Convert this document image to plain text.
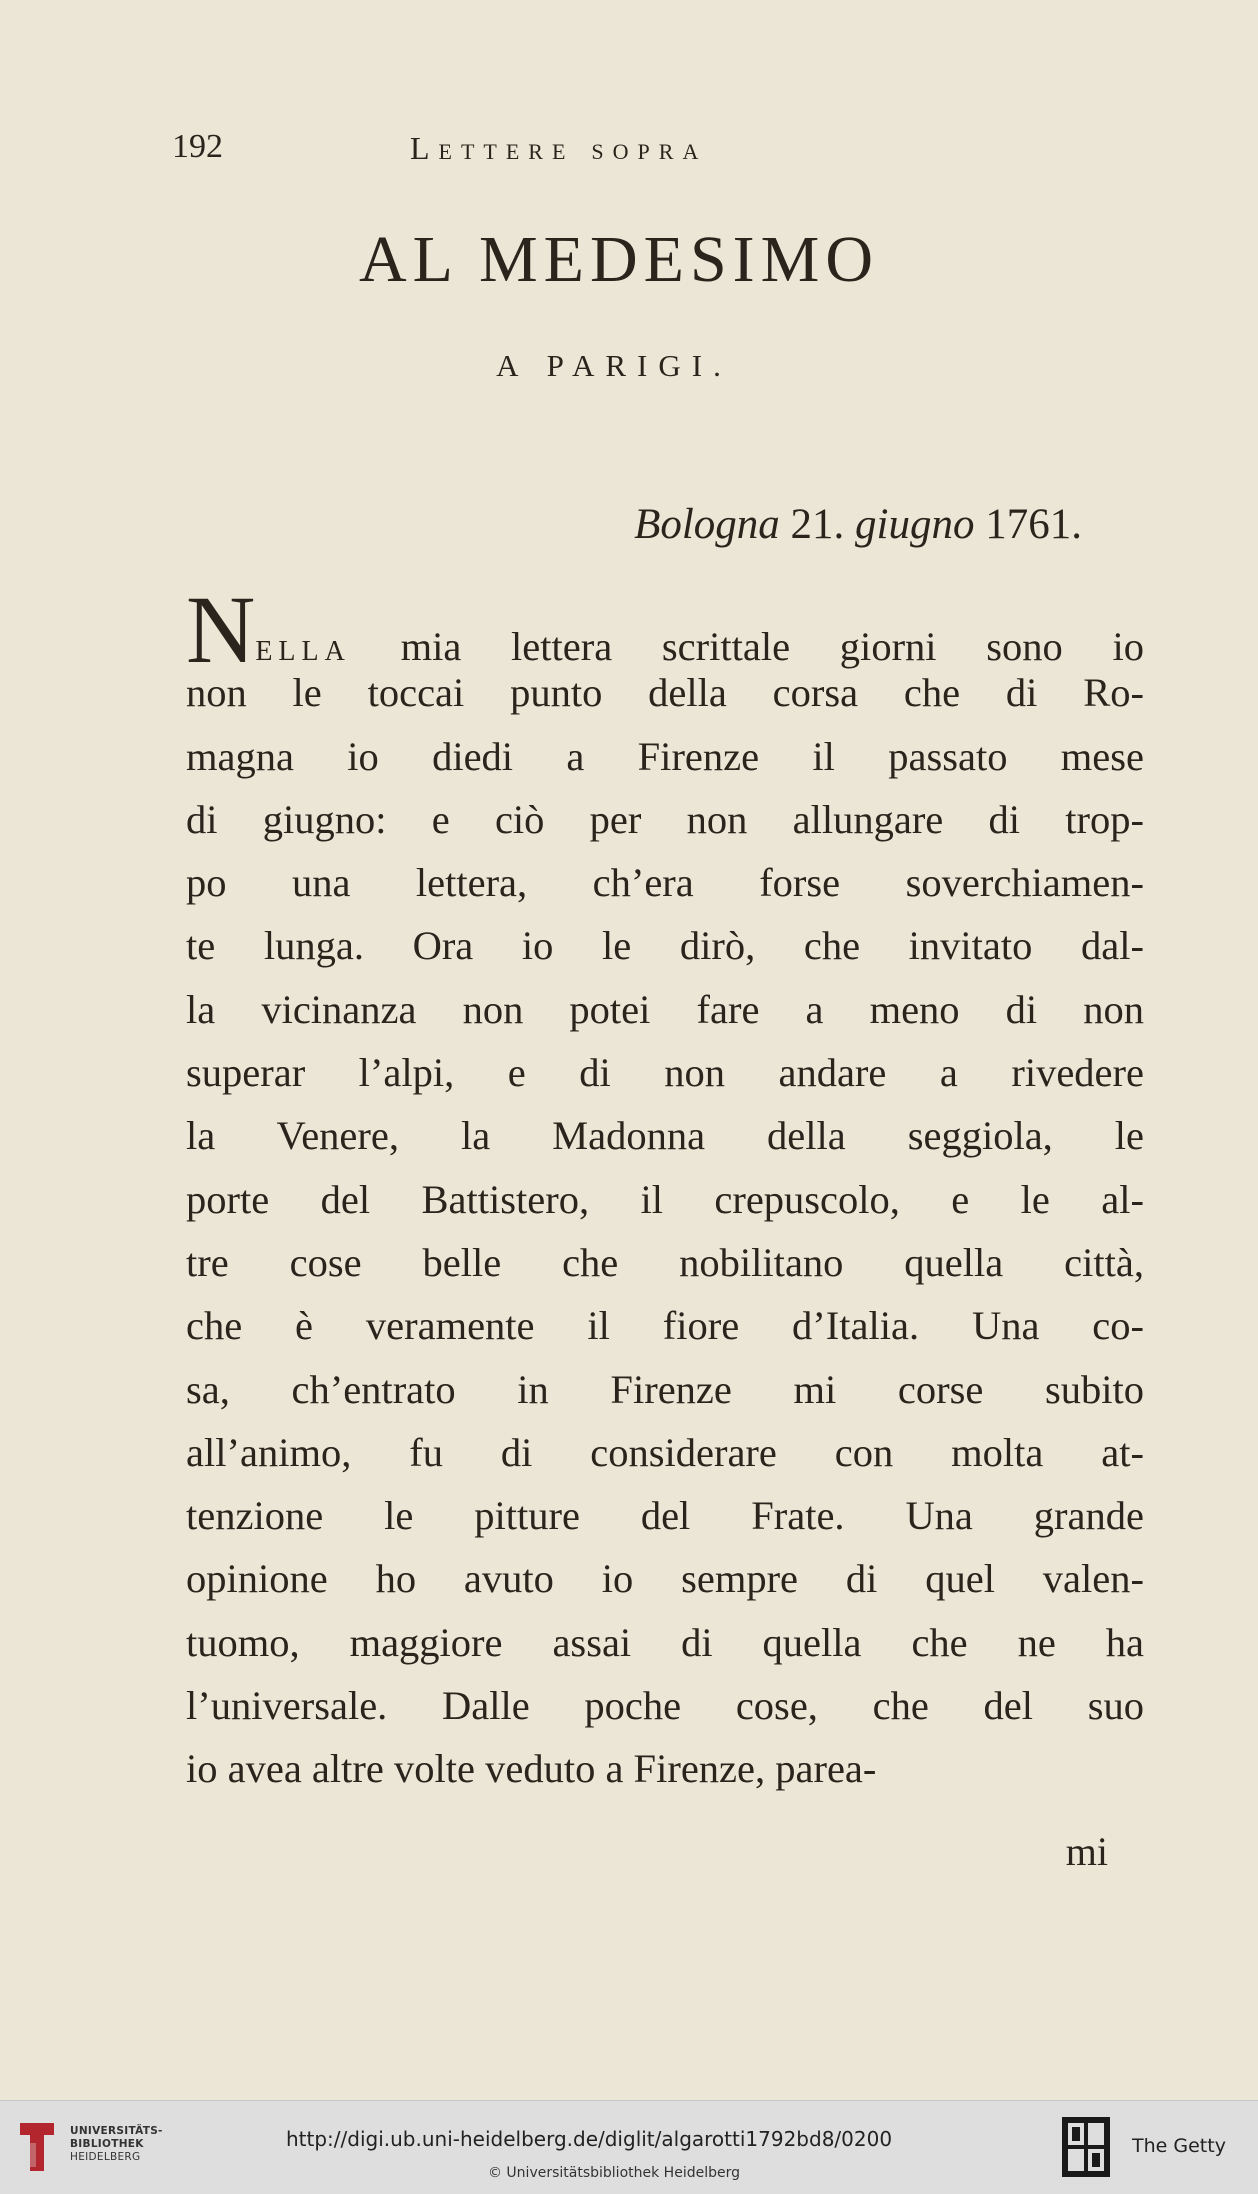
192	Lettere sopra
AL MEDESIMO
A PARIGI.
Bologna 21. giugno 1761.
Nella mia lettera scrittale giorni sono io
non le toccai punto della corsa che di Ro-
magna io diedi a Firenze il passato mese
di giugno: e ciò per non allungare di trop-
po una lettera, ch’era forse soverchiamen-
te lunga. Ora io le dirò, che invitato dal-
la vicinanza non potei fare a meno di non
superar l’alpi, e di non andare a rivedere
la Venere, la Madonna della seggiola, le
porte del Battistero, il crepuscolo, e le al-
tre cose belle che nobilitano quella città,
che è veramente il fiore d’Italia. Una co-
sa, ch’entrato in Firenze mi corse subito
all’animo, fu di considerare con molta at-
tenzione le pitture del Frate. Una grande
opinione ho avuto io sempre di quel valen-
tuomo, maggiore assai di quella che ne ha
l’universale. Dalle poche cose, che del suo
io avea altre volte veduto a Firenze, parea-
mi
UNIVERSITÄTS-
BIBLIOTHEK
HEIDELBERG
http://digi.ub.uni-heidelberg.de/diglit/algarotti1792bd8/0200
© Universitätsbibliothek Heidelberg
The Getty
